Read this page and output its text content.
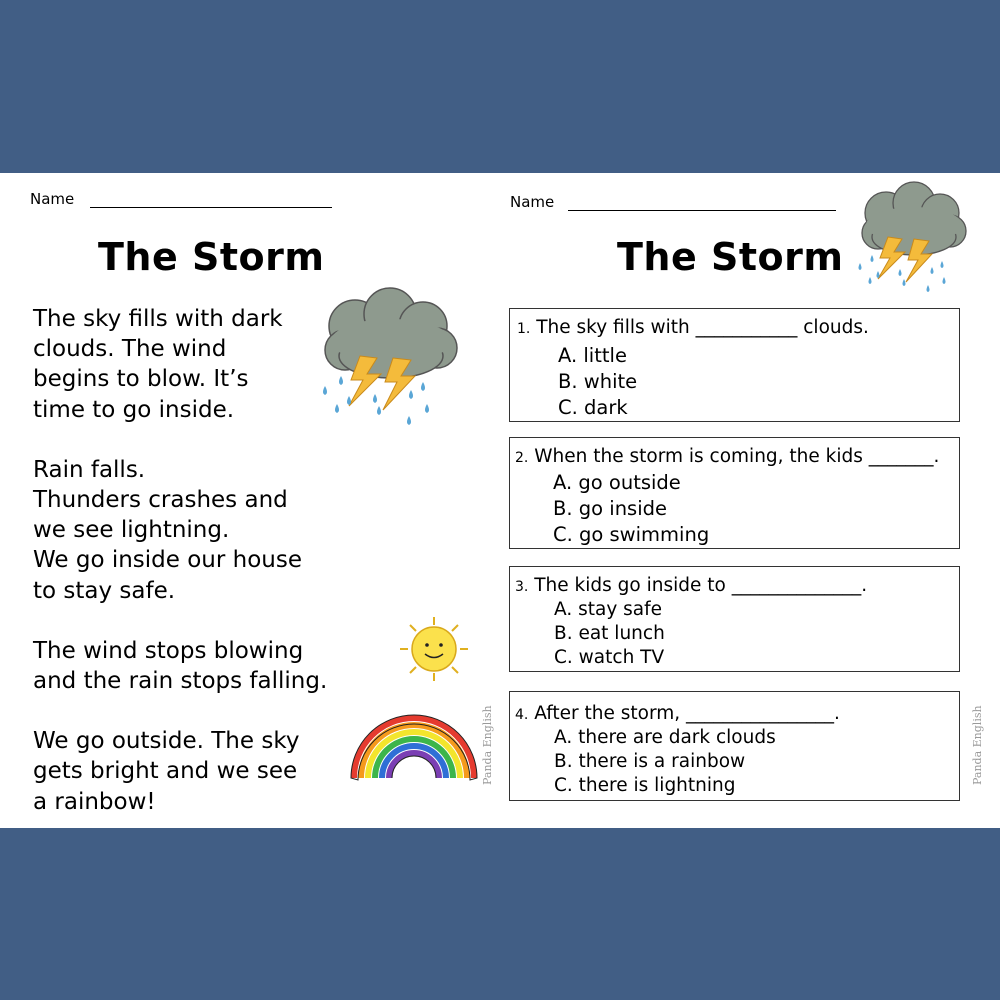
Name
The Storm

The sky fills with dark

clouds. The wind

begins to blow. It’s

time to go inside.

Rain falls.

Thunders crashes and

we see lightning.

We go inside our house

to stay safe.

The wind stops blowing

and the rain stops falling.

We go outside. The sky

gets bright and we see

a rainbow!

Panda English
Name
The Storm
1. The sky fills with ___________ clouds.
A. little
B. white
C. dark
2. When the storm is coming, the kids _______.
A. go outside
B. go inside
C. go swimming
3. The kids go inside to ______________.
A. stay safe
B. eat lunch
C. watch TV
4. After the storm, ________________.
A. there are dark clouds
B. there is a rainbow
C. there is lightning
Panda English
